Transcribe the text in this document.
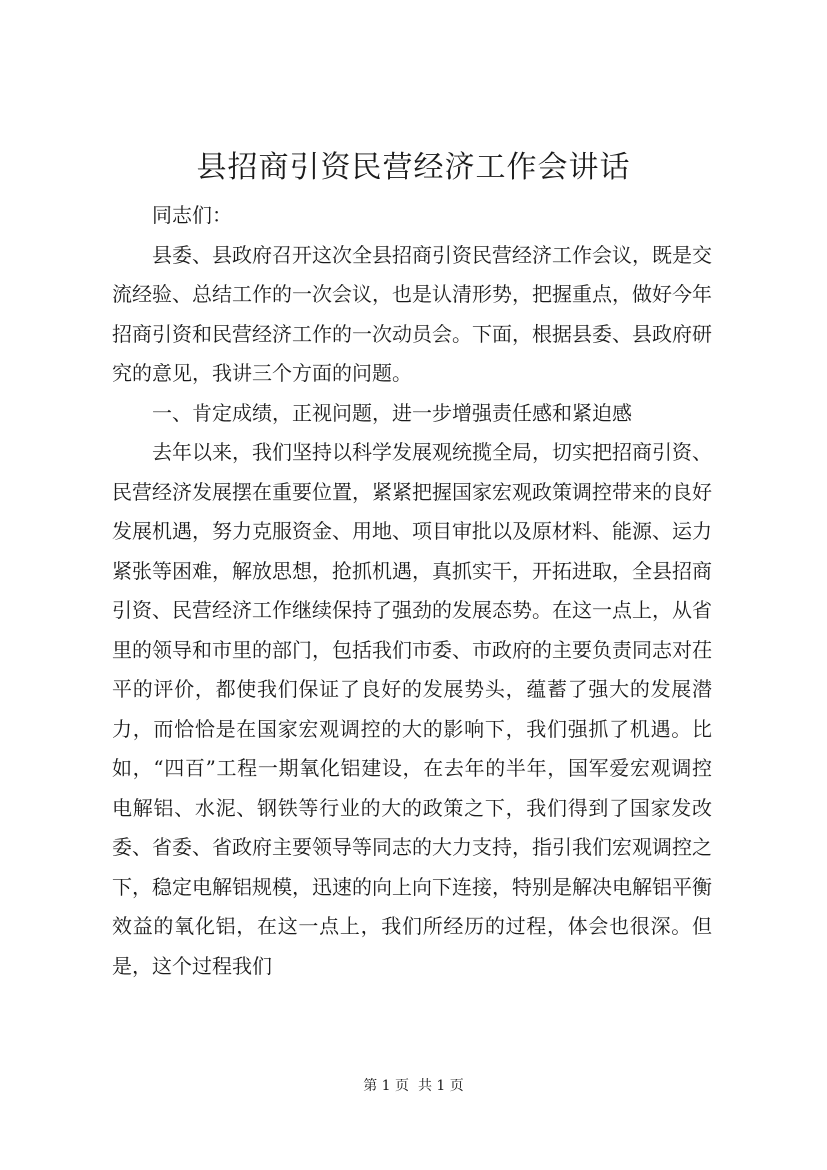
县招商引资民营经济工作会讲话

同志们：

县委、县政府召开这次全县招商引资民营经济工作会议，既是交流经验、总结工作的一次会议，也是认清形势，把握重点，做好今年招商引资和民营经济工作的一次动员会。下面，根据县委、县政府研究的意见，我讲三个方面的问题。

一、肯定成绩，正视问题，进一步增强责任感和紧迫感

去年以来，我们坚持以科学发展观统揽全局，切实把招商引资、民营经济发展摆在重要位置，紧紧把握国家宏观政策调控带来的良好发展机遇，努力克服资金、用地、项目审批以及原材料、能源、运力紧张等困难，解放思想，抢抓机遇，真抓实干，开拓进取，全县招商引资、民营经济工作继续保持了强劲的发展态势。在这一点上，从省里的领导和市里的部门，包括我们市委、市政府的主要负责同志对茌平的评价，都使我们保证了良好的发展势头，蕴蓄了强大的发展潜力，而恰恰是在国家宏观调控的大的影响下，我们强抓了机遇。比如，“四百”工程一期氧化铝建设，在去年的半年，国军爱宏观调控电解铝、水泥、钢铁等行业的大的政策之下，我们得到了国家发改委、省委、省政府主要领导等同志的大力支持，指引我们宏观调控之下，稳定电解铝规模，迅速的向上向下连接，特别是解决电解铝平衡效益的氧化铝，在这一点上，我们所经历的过程，体会也很深。但是，这个过程我们

第 1 页  共 1 页
